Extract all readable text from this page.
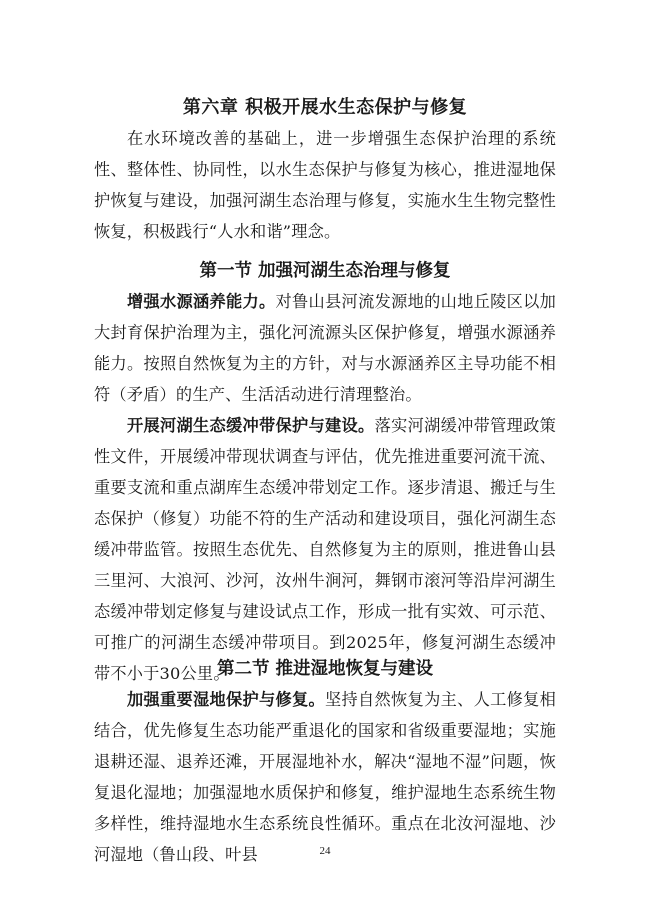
第六章 积极开展水生态保护与修复

在水环境改善的基础上，进一步增强生态保护治理的系统性、整体性、协同性，以水生态保护与修复为核心，推进湿地保护恢复与建设，加强河湖生态治理与修复，实施水生生物完整性恢复，积极践行“人水和谐”理念。

第一节 加强河湖生态治理与修复

增强水源涵养能力。对鲁山县河流发源地的山地丘陵区以加大封育保护治理为主，强化河流源头区保护修复，增强水源涵养能力。按照自然恢复为主的方针，对与水源涵养区主导功能不相符（矛盾）的生产、生活活动进行清理整治。

开展河湖生态缓冲带保护与建设。落实河湖缓冲带管理政策性文件，开展缓冲带现状调查与评估，优先推进重要河流干流、重要支流和重点湖库生态缓冲带划定工作。逐步清退、搬迁与生态保护（修复）功能不符的生产活动和建设项目，强化河湖生态缓冲带监管。按照生态优先、自然修复为主的原则，推进鲁山县三里河、大浪河、沙河，汝州牛涧河，舞钢市滚河等沿岸河湖生态缓冲带划定修复与建设试点工作，形成一批有实效、可示范、可推广的河湖生态缓冲带项目。到2025年，修复河湖生态缓冲带不小于30公里。

第二节 推进湿地恢复与建设

加强重要湿地保护与修复。坚持自然恢复为主、人工修复相结合，优先修复生态功能严重退化的国家和省级重要湿地；实施退耕还湿、退养还滩，开展湿地补水，解决“湿地不湿”问题，恢复退化湿地；加强湿地水质保护和修复，维护湿地生态系统生物多样性，维持湿地水生态系统良性循环。重点在北汝河湿地、沙河湿地（鲁山段、叶县	24
